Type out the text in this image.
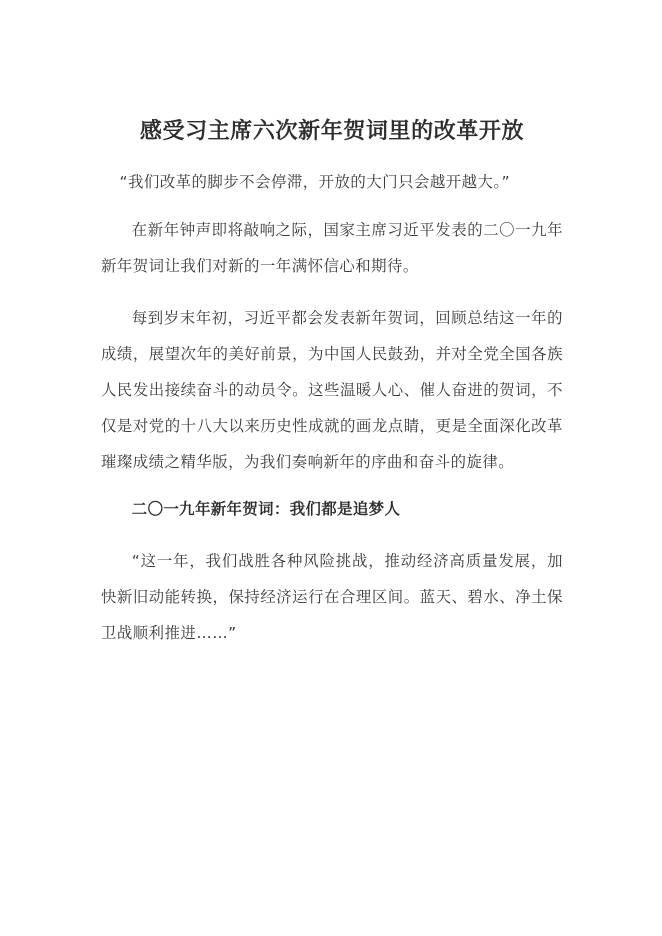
感受习主席六次新年贺词里的改革开放

“我们改革的脚步不会停滞，开放的大门只会越开越大。”

在新年钟声即将敲响之际，国家主席习近平发表的二〇一九年新年贺词让我们对新的一年满怀信心和期待。

每到岁末年初，习近平都会发表新年贺词，回顾总结这一年的成绩，展望次年的美好前景，为中国人民鼓劲，并对全党全国各族人民发出接续奋斗的动员令。这些温暖人心、催人奋进的贺词，不仅是对党的十八大以来历史性成就的画龙点睛，更是全面深化改革璀璨成绩之精华版，为我们奏响新年的序曲和奋斗的旋律。

二〇一九年新年贺词：我们都是追梦人

“这一年，我们战胜各种风险挑战，推动经济高质量发展，加快新旧动能转换，保持经济运行在合理区间。蓝天、碧水、净土保卫战顺利推进……”
